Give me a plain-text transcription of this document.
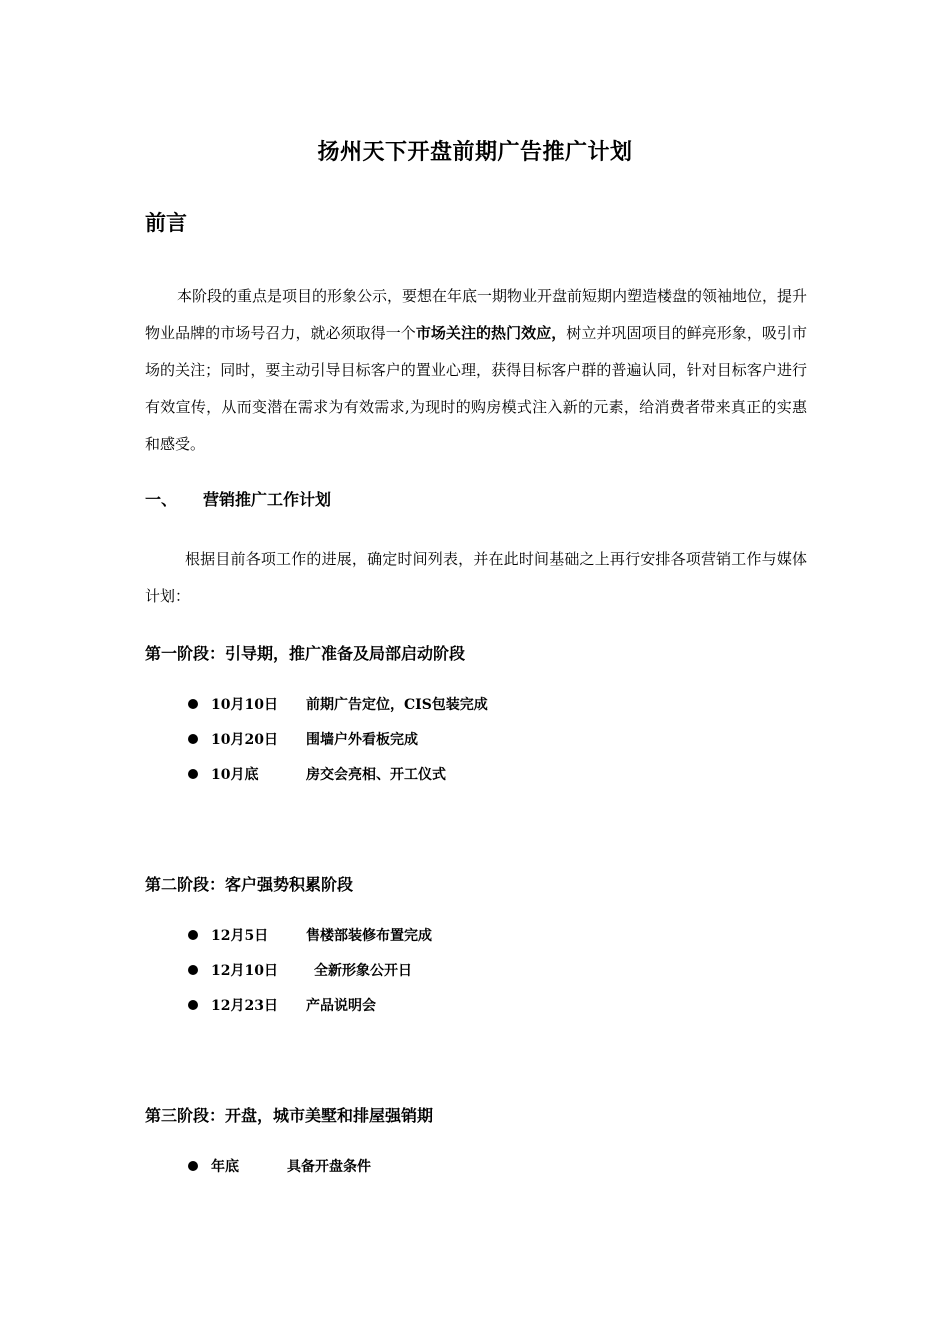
扬州天下开盘前期广告推广计划
前言
本阶段的重点是项目的形象公示，要想在年底一期物业开盘前短期内塑造楼盘的领袖地位，提升物业品牌的市场号召力，就必须取得一个市场关注的热门效应，树立并巩固项目的鲜亮形象，吸引市场的关注；同时，要主动引导目标客户的置业心理，获得目标客户群的普遍认同，针对目标客户进行有效宣传，从而变潜在需求为有效需求,为现时的购房模式注入新的元素，给消费者带来真正的实惠和感受。
一、	营销推广工作计划
根据目前各项工作的进展，确定时间列表，并在此时间基础之上再行安排各项营销工作与媒体计划：
第一阶段：引导期，推广准备及局部启动阶段
10月10日	前期广告定位，CIS包装完成
10月20日	围墙户外看板完成
10月底	房交会亮相、开工仪式
第二阶段：客户强势积累阶段
12月5日	售楼部装修布置完成
12月10日	全新形象公开日
12月23日	产品说明会
第三阶段：开盘，城市美墅和排屋强销期
年底	具备开盘条件
